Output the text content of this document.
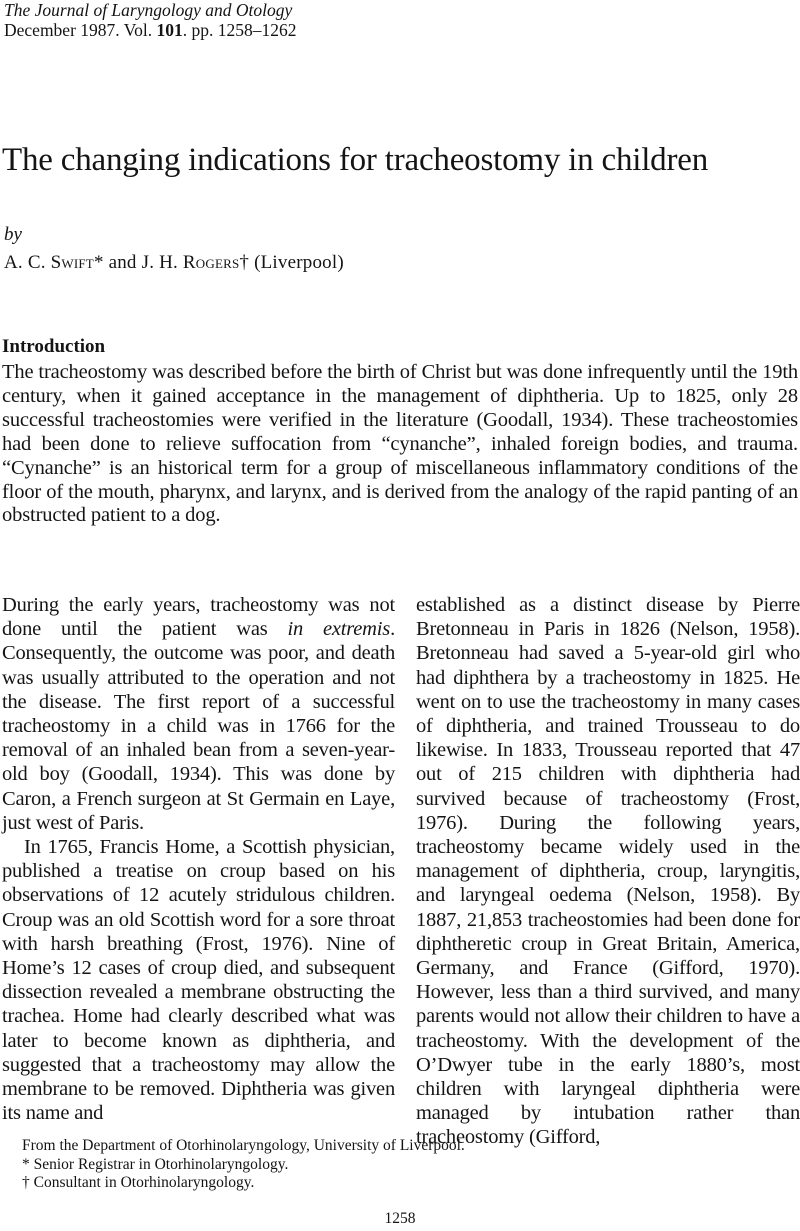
The Journal of Laryngology and Otology
December 1987. Vol. 101. pp. 1258–1262
The changing indications for tracheostomy in children
by
A. C. Swift* and J. H. Rogers† (Liverpool)
Introduction

The tracheostomy was described before the birth of Christ but was done infrequently until the 19th century, when it gained acceptance in the management of diphtheria. Up to 1825, only 28 successful tracheostomies were verified in the literature (Goodall, 1934). These tracheostomies had been done to relieve suffocation from “cynanche”, inhaled foreign bodies, and trauma. “Cynanche” is an historical term for a group of miscellaneous inflammatory conditions of the floor of the mouth, pharynx, and larynx, and is derived from the analogy of the rapid panting of an obstructed patient to a dog.

During the early years, tracheostomy was not done until the patient was in extremis. Consequently, the outcome was poor, and death was usually attributed to the operation and not the disease. The first report of a successful tracheostomy in a child was in 1766 for the removal of an inhaled bean from a seven-year-old boy (Goodall, 1934). This was done by Caron, a French surgeon at St Germain en Laye, just west of Paris.

In 1765, Francis Home, a Scottish physician, published a treatise on croup based on his observations of 12 acutely stridulous children. Croup was an old Scottish word for a sore throat with harsh breathing (Frost, 1976). Nine of Home’s 12 cases of croup died, and subsequent dissection revealed a membrane obstructing the trachea. Home had clearly described what was later to become known as diphtheria, and suggested that a tracheostomy may allow the membrane to be removed. Diphtheria was given its name and

established as a distinct disease by Pierre Bretonneau in Paris in 1826 (Nelson, 1958). Bretonneau had saved a 5-year-old girl who had diphthera by a tracheostomy in 1825. He went on to use the tracheostomy in many cases of diphtheria, and trained Trousseau to do likewise. In 1833, Trousseau reported that 47 out of 215 children with diphtheria had survived because of tracheostomy (Frost, 1976). During the following years, tracheostomy became widely used in the management of diphtheria, croup, laryngitis, and laryngeal oedema (Nelson, 1958). By 1887, 21,853 tracheostomies had been done for diphtheretic croup in Great Britain, America, Germany, and France (Gifford, 1970). However, less than a third survived, and many parents would not allow their children to have a tracheostomy. With the development of the O’Dwyer tube in the early 1880’s, most children with laryngeal diphtheria were managed by intubation rather than tracheostomy (Gifford,

From the Department of Otorhinolaryngology, University of Liverpool.
* Senior Registrar in Otorhinolaryngology.
† Consultant in Otorhinolaryngology.
1258
